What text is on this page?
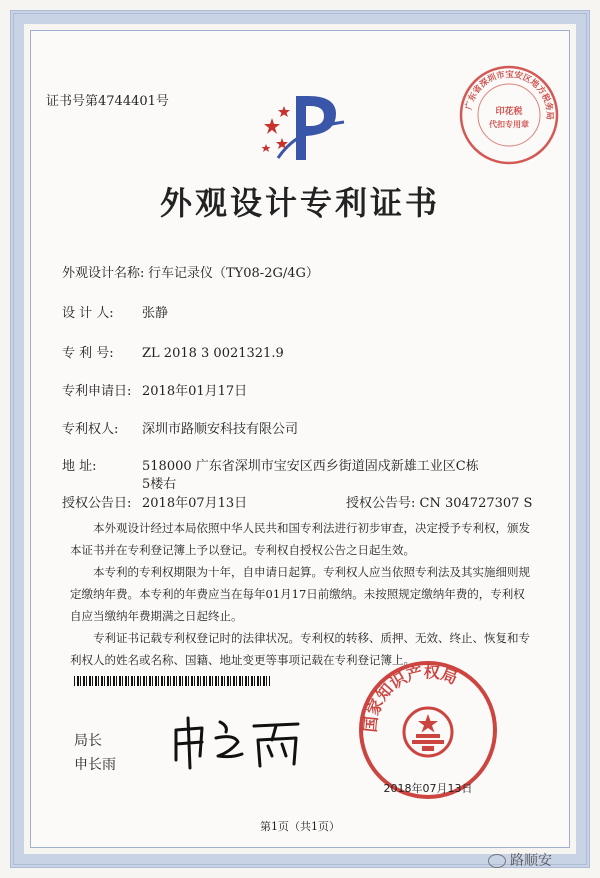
证书号第4744401号	广东省深圳市宝安区地方税务局
印花税
代扣专用章
外观设计专利证书
外观设计名称: 行车记录仪（TY08-2G/4G）
设 计 人: 张静
专 利 号: ZL 2018 3 0021321.9
专利申请日: 2018年01月17日
专利权人: 深圳市路顺安科技有限公司
地 址:	518000 广东省深圳市宝安区西乡街道固戍新雄工业区C栋
5楼右
授权公告日: 2018年07月13日	授权公告号: CN 304727307 S
本外观设计经过本局依照中华人民共和国专利法进行初步审查，决定授予专利权，颁发本证书并在专利登记簿上予以登记。专利权自授权公告之日起生效。
本专利的专利权期限为十年，自申请日起算。专利权人应当依照专利法及其实施细则规定缴纳年费。本专利的年费应当在每年01月17日前缴纳。未按照规定缴纳年费的，专利权自应当缴纳年费期满之日起终止。
专利证书记载专利权登记时的法律状况。专利权的转移、质押、无效、终止、恢复和专利权人的姓名或名称、国籍、地址变更等事项记载在专利登记簿上。
局长
申长雨
国家知识产权局
2018年07月13日
第1页（共1页）
路顺安
